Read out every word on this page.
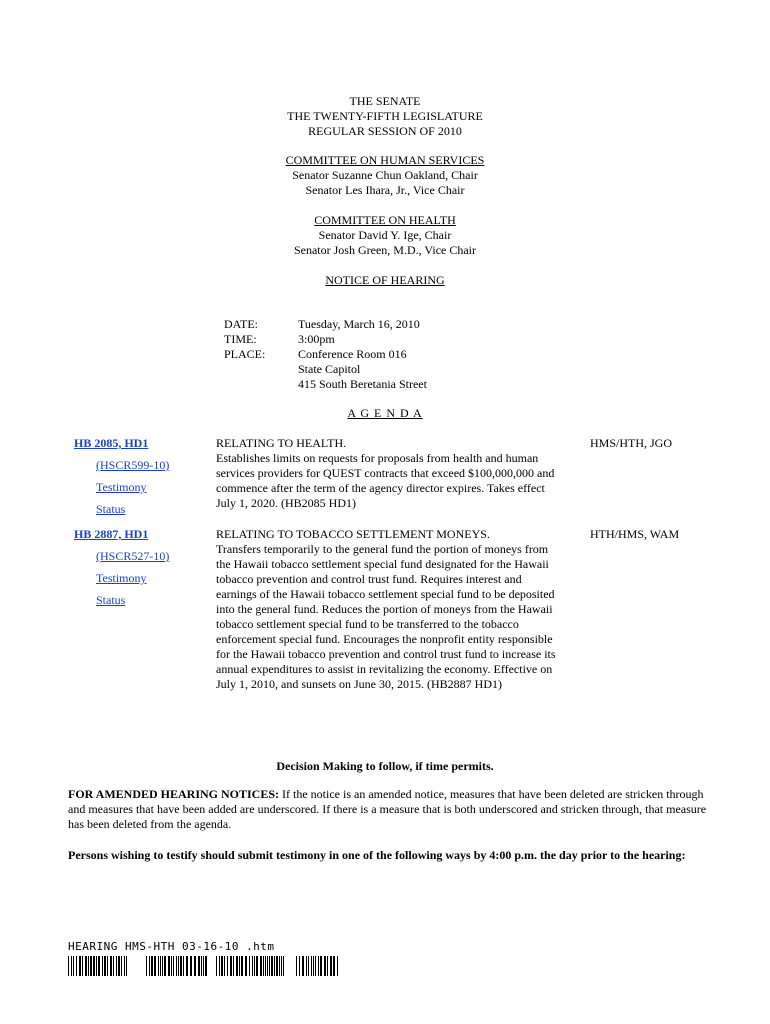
THE SENATE
THE TWENTY-FIFTH LEGISLATURE
REGULAR SESSION OF 2010
COMMITTEE ON HUMAN SERVICES
Senator Suzanne Chun Oakland, Chair
Senator Les Ihara, Jr., Vice Chair
COMMITTEE ON HEALTH
Senator David Y. Ige, Chair
Senator Josh Green, M.D., Vice Chair
NOTICE OF HEARING
DATE:	Tuesday, March 16, 2010
TIME:	3:00pm
PLACE:	Conference Room 016
State Capitol
415 South Beretania Street
A G E N D A
HB 2085, HD1
(HSCR599-10)
Testimony
Status
RELATING TO HEALTH.
Establishes limits on requests for proposals from health and human
services providers for QUEST contracts that exceed $100,000,000 and
commence after the term of the agency director expires. Takes effect
July 1, 2020. (HB2085 HD1)
HMS/HTH, JGO
HB 2887, HD1
(HSCR527-10)
Testimony
Status
RELATING TO TOBACCO SETTLEMENT MONEYS.
Transfers temporarily to the general fund the portion of moneys from
the Hawaii tobacco settlement special fund designated for the Hawaii
tobacco prevention and control trust fund. Requires interest and
earnings of the Hawaii tobacco settlement special fund to be deposited
into the general fund. Reduces the portion of moneys from the Hawaii
tobacco settlement special fund to be transferred to the tobacco
enforcement special fund. Encourages the nonprofit entity responsible
for the Hawaii tobacco prevention and control trust fund to increase its
annual expenditures to assist in revitalizing the economy. Effective on
July 1, 2010, and sunsets on June 30, 2015. (HB2887 HD1)
HTH/HMS, WAM
Decision Making to follow, if time permits.
FOR AMENDED HEARING NOTICES: If the notice is an amended notice, measures that have been deleted are stricken through and measures that have been added are underscored. If there is a measure that is both underscored and stricken through, that measure has been deleted from the agenda.
Persons wishing to testify should submit testimony in one of the following ways by 4:00 p.m. the day prior to the hearing:
HEARING HMS-HTH 03-16-10 .htm
